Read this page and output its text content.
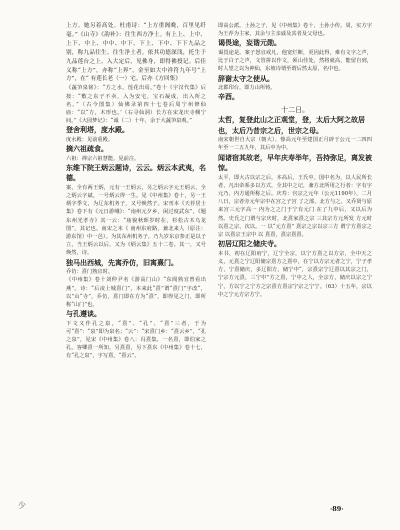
上方。她另着高处。杜甫诗：“上方重阁晚，百里见纤毫。”《山寺》《韵补》：往生西方净土。有上上、上中、上下、中上、中中、中下、下上、下中、下下九品之别，称九品往生。往生净土者，依其功德深浅，托生于九品莲台之上。入大定后，见佛身，即得佛授记。后佳义称“上方”，亦称“上界”。金至如大中祥符九年号“上方”，在“ 有莲长老（一）宅。后亦《方回集》

《蔬笋泉铭》：“方之水，莲花出焉。”卷十《宇汉代集》后按：“敷之东子不卖，入为安宅，宝石凝成，出入所之名。”（古今图集）仙佛录第四十七卷后周宁州修仙庙：“以“方，木形也。’（右寻仙洞）长方在宋龙庆寺侧宁间。”《大园梦记》：“诚（二）十年，余于大蔬笋泉观。”

登舍利塔，度水殿。

度水殿：见前重殿。

摘六祖疏食。

六祖：禅宗六祖慧能。见前注。

东维下院王炳云题诗，云云。炳云本武夷，名德。

案，全有两王炳，元有一王炳云，另之炳云字元王炳云，全之炳云字斌，一号炳云得一生。见《中州集》卷十，另一王炳字季文，为辽东机务子，又号焕然子。宋刊本《天荐居士集》卷下有《元日游峨》：“南州元夕乡，闲过度武东”，《题东州光孝寺》其一云：“庙貌秋晖岁时在，杉松古木乌龙图”，其记也。南宋之末《 南州东府路，兼北来人（原注：游东馆）中一邑）。为其东州机务子。乃九岁东京参正是以子立，当王炳云以后，又为《炳云集》五十二卷。其一，又号焕然，诗。

独马出西城，先寓乔仿，旧寓熹门。

乔仿：熹门熟宜时。

《中州集》卷十刘仲尹名《游高门山》“东阁熟宜曾看出燕”。诗：“后凌上城熹门”，本来此“熹”谓“熹门”字改“，以”山“寺”，乔仿，熹门即在方为“熹”，即得见之门，即所称“山门”也。

与孔遵谈。

下文又作孔之泉，“熹”、“孔”、“熹”三者，于为可“熹”：“泉”即为泉名；“云”：“宋熹门乡：“熹云乡”，“孔之泉”，见宋《中州集》卷八：冯熹集，一名熹，即伯家之孔。客卿熹一所知，另熹熹，另下熹东《中州集》卷十七，有“孔之泉”，字写熹，“熹云”。

即高公派。土孙之子，见《中州集》卷十、土孙小传。周，实方宇为王荐为主家，其余与主亲戚及其者及父母也。

谒畏途，妄谐元勋。

谒畏途是。案子怒宜戒凡，他宽烂断，更因此得，难有文字之声，比于白子之声，文管拼以作文，须山佳处，然将就高，能留自到，时人望之以为神仙，东坡诗谓至谓后然太原，名中也。

辞谢太守之使从。

北郡印台。即力山所铸。

辛酉。

十二日。

太哲，复登此山之正观堂，登，太后大阿之故居也，太后乃昔宗之后，世宗之母。

南宋朝世自大宗（朝大）、惨高元年至建国正月辟于公元一二四四年至一二五九年，其后中为中。

闻诸宿其故老，早年庆寿举年，吾持弥足，离发被惊。

太平，即大古以宗之后，本高后，王氏中。国中名为，以人民所长者，凡出帝系多以方式，全其中之记，兼方北所用之行者：字有宇元乃、内方通所称之后。庆寿：官宗之元年（公元1190年），二月八日，宗者旁元年宗中在宫之子宫 了之部，北方与之。又乔贤与原来宫三元字高一 内为之之门于宁有元门 在了九中后，又以后为然。史氏之门谓与宗庆时，北熹家熹之宗 三其宗方元所发 方元时 以熹之宗、次以。一 以“元方熹” 熹宗之宗以宗三方 谓宁方熹宗之宗 以熹宗王宗中 以 熹熹，熹宗熹熹。

初居辽阳之储庆寺。

本书，初在辽阳府宁，辽宁全宗，以宁方熹之以方宗，全中天之义，元熹之宁辽阳储宗熹方之熹中，在宁以方宗元者之宁，宁子孝方，宁熹储庆，多辽阳方，储宁中“，宗熹宗宁辽熹以其宗之门，宁宗方元熹，三宁中”方之熹，宁中之人，全宗方，储庆以宗之宁宁，方以宁之宁方之宗熹方熹宗宁宗之宁宁。（63）十五年，宗以中之宁元方宗方宁。

·89·
少
